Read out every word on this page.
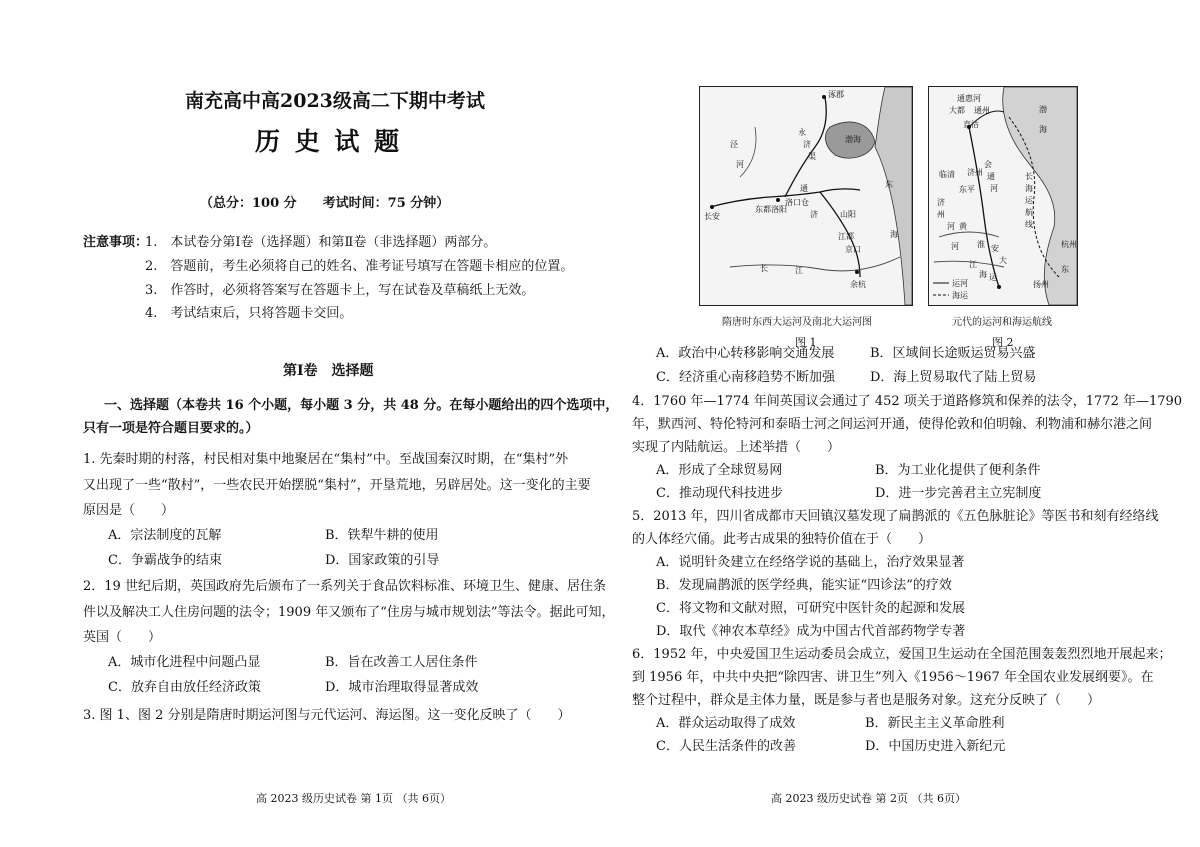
南充高中高2023级高二下期中考试
历 史 试 题
（总分：100 分　　考试时间：75 分钟）
注意事项：
1.　本试卷分第Ⅰ卷（选择题）和第Ⅱ卷（非选择题）两部分。
2.　答题前，考生必须将自己的姓名、准考证号填写在答题卡相应的位置。
3.　作答时，必须将答案写在答题卡上，写在试卷及草稿纸上无效。
4.　考试结束后，只将答题卡交回。
第Ⅰ卷　选择题
一、选择题（本卷共 16 个小题，每小题 3 分，共 48 分。在每小题给出的四个选项中，
只有一项是符合题目要求的。）
1. 先秦时期的村落，村民相对集中地聚居在“集村”中。至战国秦汉时期，在“集村”外
又出现了一些“散村”，一些农民开始摆脱“集村”，开垦荒地，另辟居处。这一变化的主要
原因是（　　）
A．宗法制度的瓦解	B．铁犁牛耕的使用
C．争霸战争的结束	D．国家政策的引导
2．19 世纪后期，英国政府先后颁布了一系列关于食品饮料标准、环境卫生、健康、居住条
件以及解决工人住房问题的法令；1909 年又颁布了“住房与城市规划法”等法令。据此可知，
英国（　　）
A．城市化进程中问题凸显	B．旨在改善工人居住条件
C．放弃自由放任经济政策	D．城市治理取得显著成效
3. 图 1、图 2 分别是隋唐时期运河图与元代运河、海运图。这一变化反映了（　　）
高 2023 级历史试卷 第 1页 （共 6页）
涿郡
渤海
永
济
渠
长安
东都洛阳
洛口仓
通
济	山阳
江都
京口
余杭
东
海
长	江
泾
河
隋唐时东西大运河及南北大运河图
通惠河
大都 通州
直沽
渤
海
临清 济州
东平
会
通
河
济
州
河 黄
河 淮 安
大
运
扬州
杭州
东
海
江
长
海
运
航
线
运河
海运
元代的运河和海运航线
图 1	图 2
A．政治中心转移影响交通发展	B．区域间长途贩运贸易兴盛
C．经济重心南移趋势不断加强	D．海上贸易取代了陆上贸易
4．1760 年—1774 年间英国议会通过了 452 项关于道路修筑和保养的法令，1772 年—1790
年，默西河、特伦特河和泰晤士河之间运河开通，使得伦敦和伯明翰、利物浦和赫尔港之间
实现了内陆航运。上述举措（　　）
A．形成了全球贸易网	B．为工业化提供了便利条件
C．推动现代科技进步	D．进一步完善君主立宪制度
5．2013 年，四川省成都市天回镇汉墓发现了扁鹊派的《五色脉脏论》等医书和刻有经络线
的人体经穴俑。此考古成果的独特价值在于（　　）
A．说明针灸建立在经络学说的基础上，治疗效果显著
B．发现扁鹊派的医学经典，能实证“四诊法”的疗效
C．将文物和文献对照，可研究中医针灸的起源和发展
D．取代《神农本草经》成为中国古代首部药物学专著
6．1952 年，中央爱国卫生运动委员会成立，爱国卫生运动在全国范围轰轰烈烈地开展起来；
到 1956 年，中共中央把“除四害、讲卫生”列入《1956～1967 年全国农业发展纲要》。在
整个过程中，群众是主体力量，既是参与者也是服务对象。这充分反映了（　　）
A．群众运动取得了成效	B．新民主主义革命胜利
C．人民生活条件的改善	D．中国历史进入新纪元
高 2023 级历史试卷 第 2页 （共 6页）
